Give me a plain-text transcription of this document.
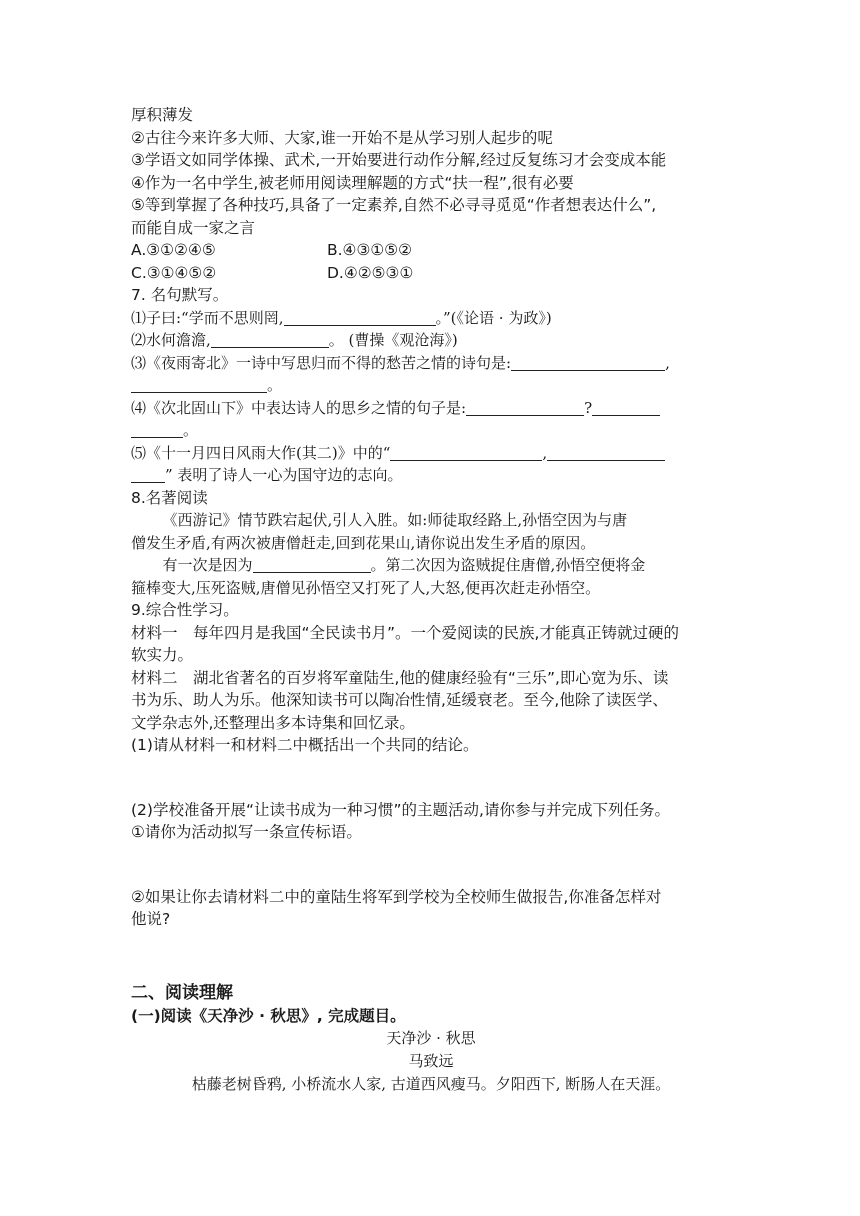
厚积薄发
②古往今来许多大师、大家,谁一开始不是从学习别人起步的呢
③学语文如同学体操、武术,一开始要进行动作分解,经过反复练习才会变成本能
④作为一名中学生,被老师用阅读理解题的方式“扶一程”,很有必要
⑤等到掌握了各种技巧,具备了一定素养,自然不必寻寻觅觅“作者想表达什么”,
而能自成一家之言
A.③①②④⑤	B.④③①⑤②
C.③①④⑤②	D.④②⑤③①
7. 名句默写。
⑴子曰:“学而不思则罔,	。”(《论语 · 为政》)
⑵水何澹澹,	。 (曹操《观沧海》)
⑶《夜雨寄北》一诗中写思归而不得的愁苦之情的诗句是:	,
。
⑷《次北固山下》中表达诗人的思乡之情的句子是:	?
。
⑸《十一月四日风雨大作(其二)》中的“	,
” 表明了诗人一心为国守边的志向。
8.名著阅读
《西游记》情节跌宕起伏,引人入胜。如:师徒取经路上,孙悟空因为与唐
僧发生矛盾,有两次被唐僧赶走,回到花果山,请你说出发生矛盾的原因。
有一次是因为	。第二次因为盗贼捉住唐僧,孙悟空便将金
箍棒变大,压死盗贼,唐僧见孙悟空又打死了人,大怒,便再次赶走孙悟空。
9.综合性学习。
材料一　每年四月是我国“全民读书月”。一个爱阅读的民族,才能真正铸就过硬的
软实力。
材料二　湖北省著名的百岁将军童陆生,他的健康经验有“三乐”,即心宽为乐、读
书为乐、助人为乐。他深知读书可以陶冶性情,延缓衰老。至今,他除了读医学、
文学杂志外,还整理出多本诗集和回忆录。
(1)请从材料一和材料二中概括出一个共同的结论。
(2)学校准备开展“让读书成为一种习惯”的主题活动,请你参与并完成下列任务。
①请你为活动拟写一条宣传标语。
②如果让你去请材料二中的童陆生将军到学校为全校师生做报告,你准备怎样对
他说?
二、阅读理解
(一)阅读《天净沙 · 秋思》, 完成题目。
天净沙 · 秋思
马致远
枯藤老树昏鸦, 小桥流水人家, 古道西风瘦马。夕阳西下, 断肠人在天涯。
